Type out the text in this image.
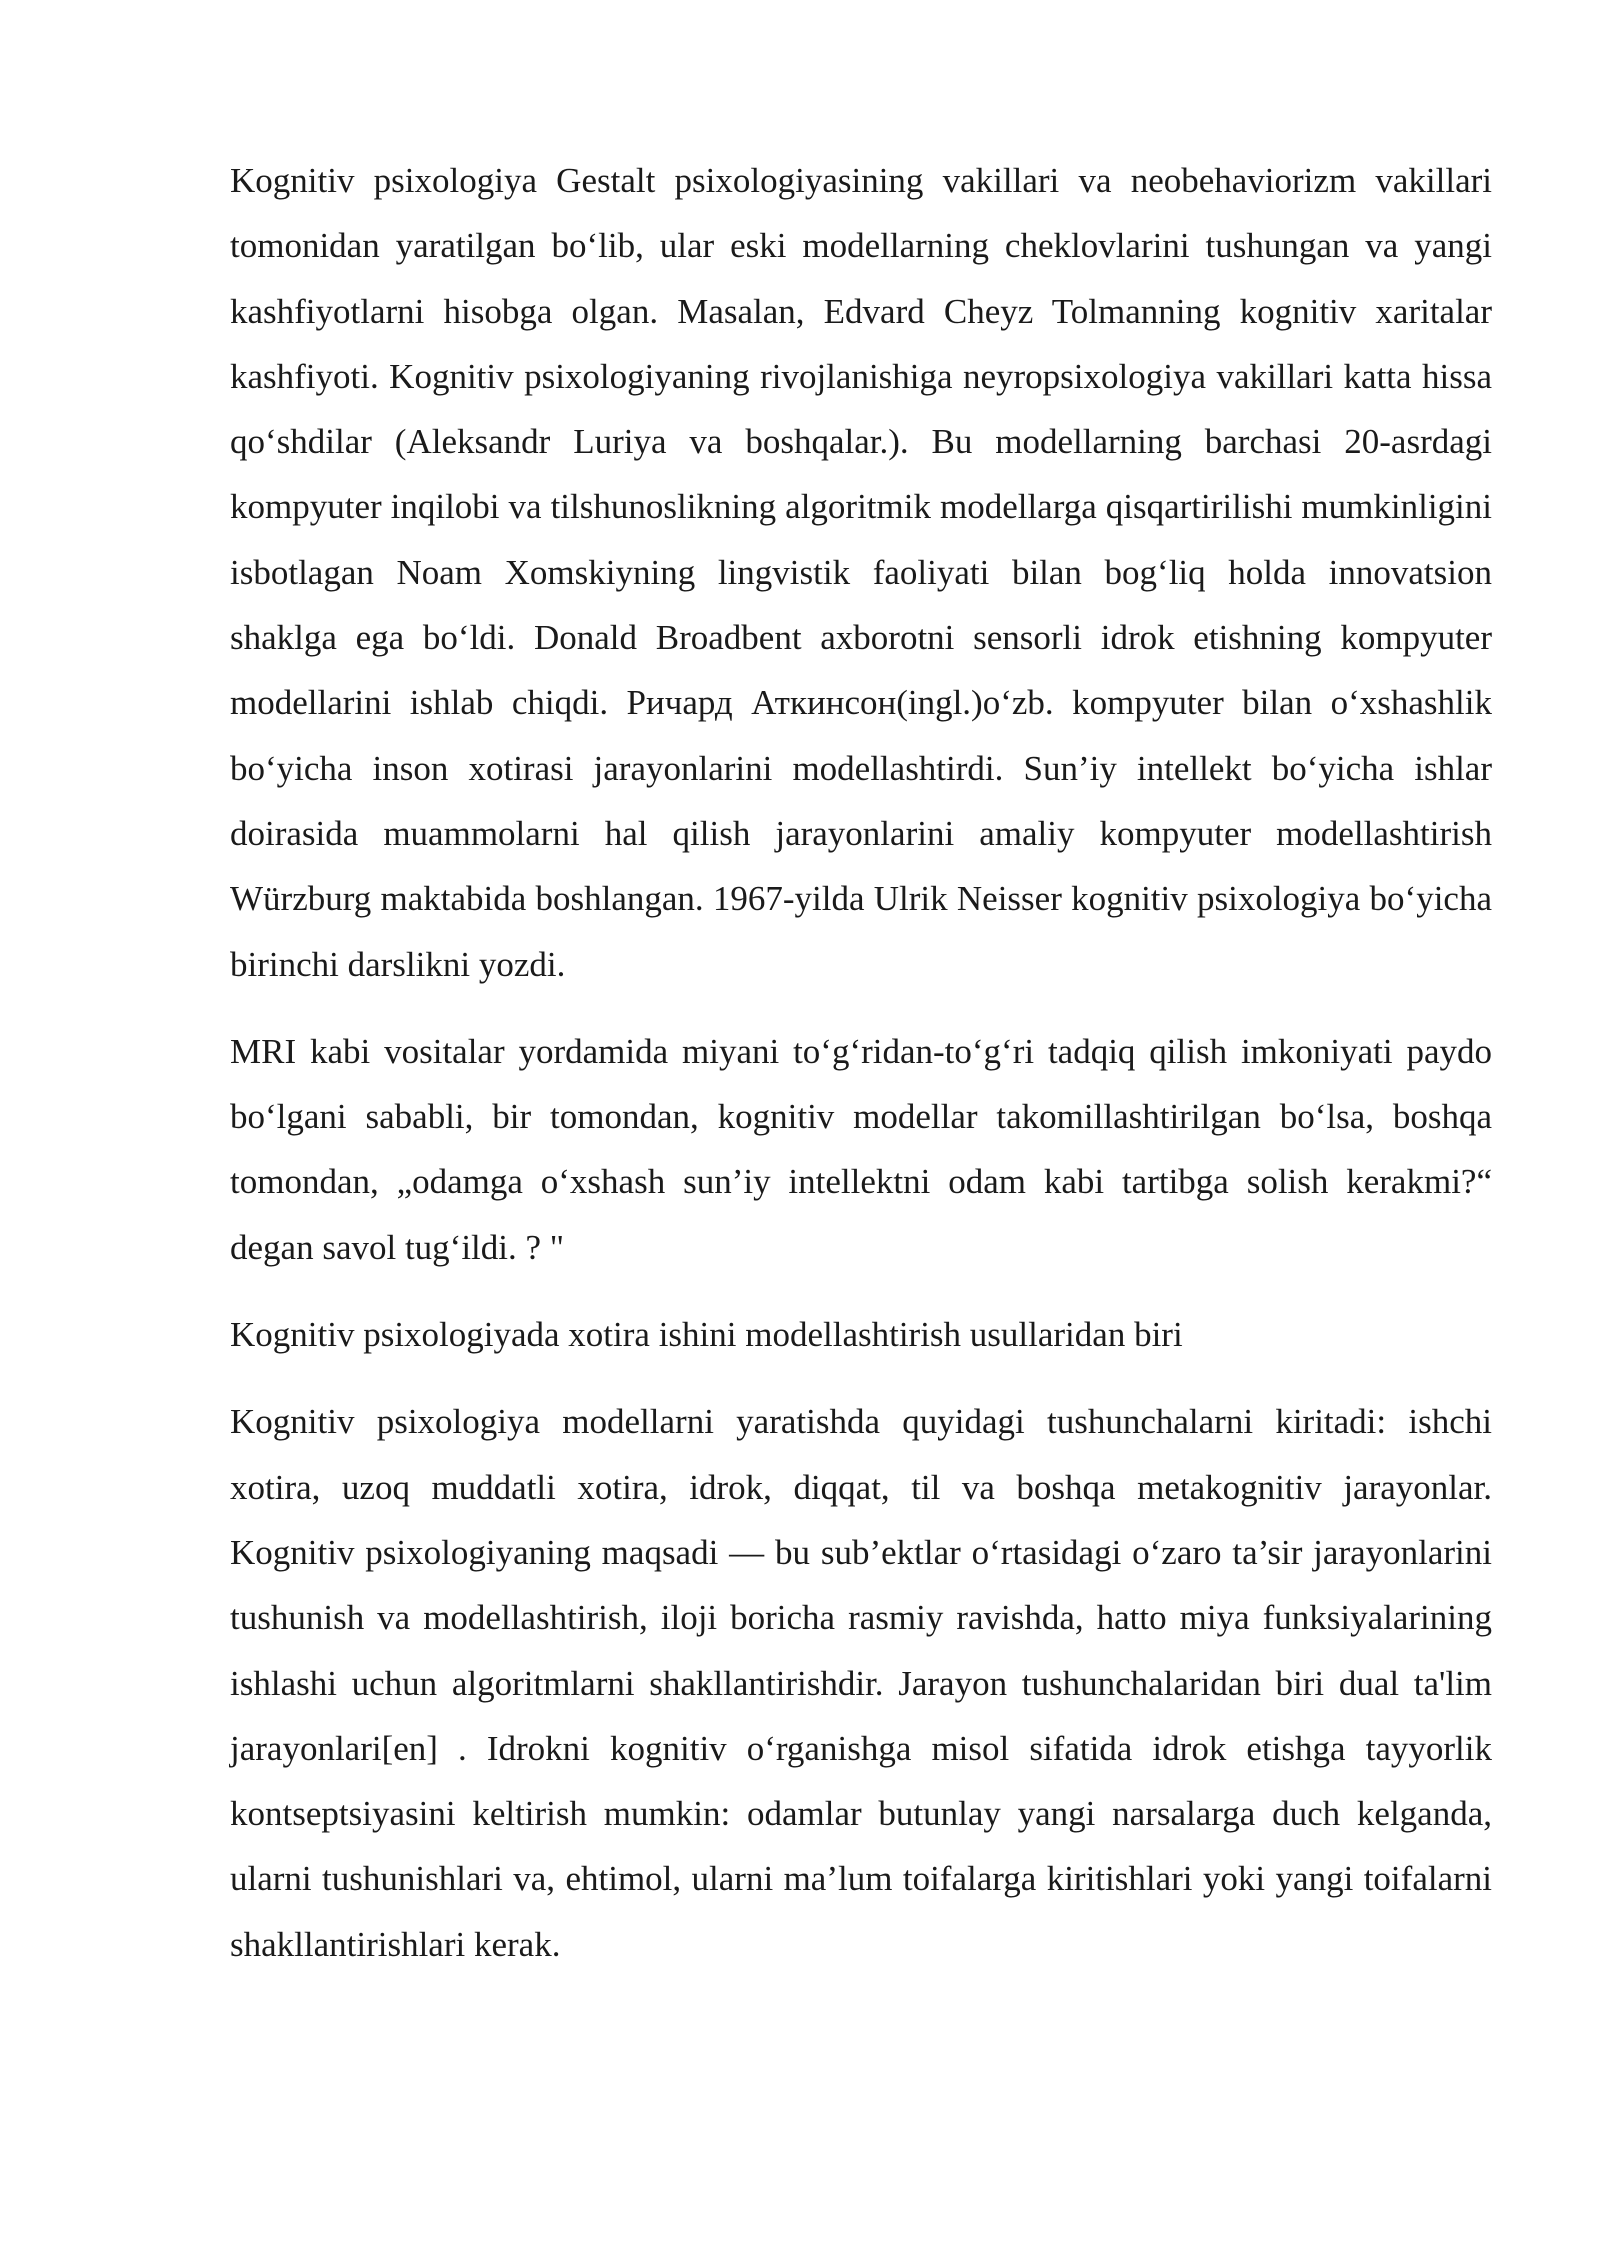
Kognitiv psixologiya Gestalt psixologiyasining vakillari va neobehaviorizm vakillari tomonidan yaratilgan bo‘lib, ular eski modellarning cheklovlarini tushungan va yangi kashfiyotlarni hisobga olgan. Masalan, Edvard Cheyz Tolmanning kognitiv xaritalar kashfiyoti. Kognitiv psixologiyaning rivojlanishiga neyropsixologiya vakillari katta hissa qo‘shdilar (Aleksandr Luriya va boshqalar.). Bu modellarning barchasi 20-asrdagi kompyuter inqilobi va tilshunoslikning algoritmik modellarga qisqartirilishi mumkinligini isbotlagan Noam Xomskiyning lingvistik faoliyati bilan bog‘liq holda innovatsion shaklga ega bo‘ldi. Donald Broadbent axborotni sensorli idrok etishning kompyuter modellarini ishlab chiqdi. Ричард Аткинсон(ingl.)o‘zb. kompyuter bilan o‘xshashlik bo‘yicha inson xotirasi jarayonlarini modellashtirdi. Sun’iy intellekt bo‘yicha ishlar doirasida muammolarni hal qilish jarayonlarini amaliy kompyuter modellashtirish Würzburg maktabida boshlangan. 1967-yilda Ulrik Neisser kognitiv psixologiya bo‘yicha birinchi darslikni yozdi.

MRI kabi vositalar yordamida miyani to‘g‘ridan-to‘g‘ri tadqiq qilish imkoniyati paydo bo‘lgani sababli, bir tomondan, kognitiv modellar takomillashtirilgan bo‘lsa, boshqa tomondan, „odamga o‘xshash sun’iy intellektni odam kabi tartibga solish kerakmi?“ degan savol tug‘ildi. ? "

Kognitiv psixologiyada xotira ishini modellashtirish usullaridan biri

Kognitiv psixologiya modellarni yaratishda quyidagi tushunchalarni kiritadi: ishchi xotira, uzoq muddatli xotira, idrok, diqqat, til va boshqa metakognitiv jarayonlar. Kognitiv psixologiyaning maqsadi — bu sub’ektlar o‘rtasidagi o‘zaro ta’sir jarayonlarini tushunish va modellashtirish, iloji boricha rasmiy ravishda, hatto miya funksiyalarining ishlashi uchun algoritmlarni shakllantirishdir. Jarayon tushunchalaridan biri dual ta'lim jarayonlari[en] . Idrokni kognitiv o‘rganishga misol sifatida idrok etishga tayyorlik kontseptsiyasini keltirish mumkin: odamlar butunlay yangi narsalarga duch kelganda, ularni tushunishlari va, ehtimol, ularni ma’lum toifalarga kiritishlari yoki yangi toifalarni shakllantirishlari kerak.
